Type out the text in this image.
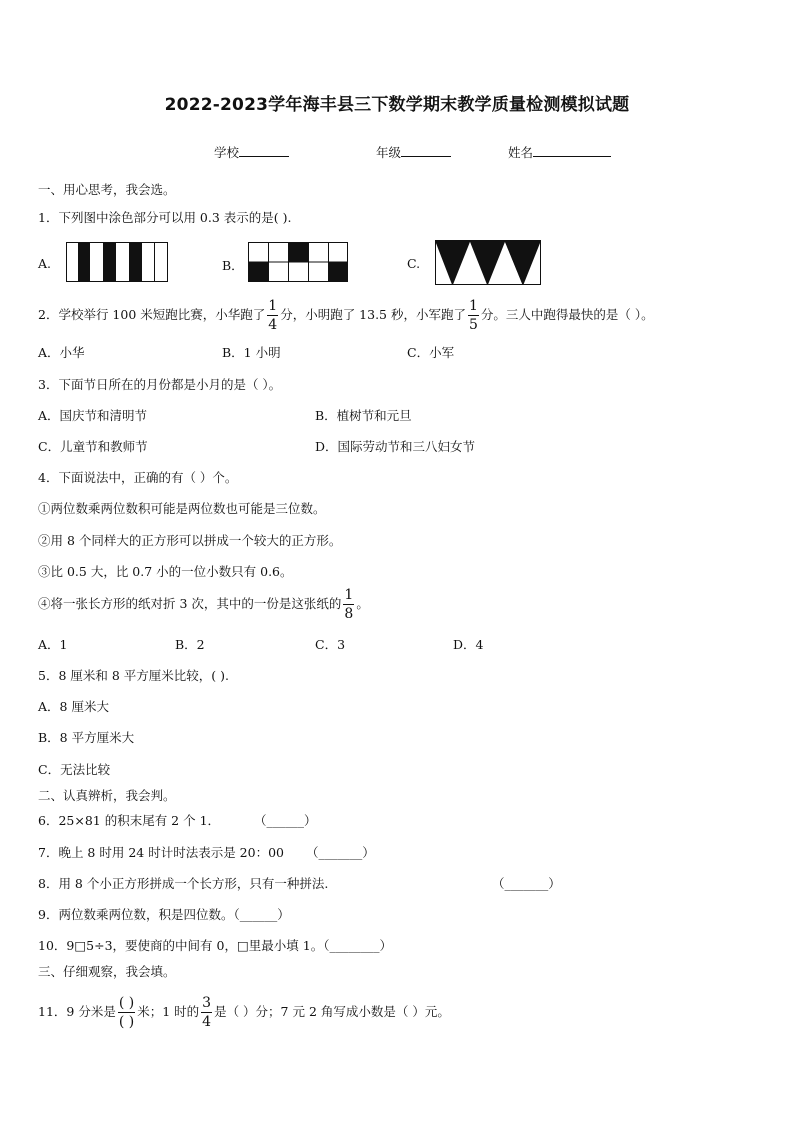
2022-2023学年海丰县三下数学期末教学质量检测模拟试题
学校	年级	姓名
一、用心思考，我会选。
1．下列图中涂色部分可以用 0.3 表示的是( ).
A.	B．	C.
2．学校举行 100 米短跑比赛，小华跑了 $\frac{1}{4}$ 分，小明跑了 13.5 秒，小军跑了 $\frac{1}{5}$ 分。三人中跑得最快的是（ ）。
A．小华	B．1 小明	C．小军
3．下面节日所在的月份都是小月的是（ ）。
A．国庆节和清明节	B．植树节和元旦
C．儿童节和教师节	D．国际劳动节和三八妇女节
4．下面说法中，正确的有（ ）个。
①两位数乘两位数积可能是两位数也可能是三位数。
②用 8 个同样大的正方形可以拼成一个较大的正方形。
③比 0.5 大，比 0.7 小的一位小数只有 0.6。
④将一张长方形的纸对折 3 次，其中的一份是这张纸的 $\frac{1}{8}$ 。
A．1	B．2	C．3	D．4
5．8 厘米和 8 平方厘米比较，( ).
A．8 厘米大
B．8 平方厘米大
C．无法比较
二、认真辨析，我会判。
6．25×81 的积末尾有 2 个 1．	（______）
7．晚上 8 时用 24 时计时法表示是 20：00 （_______）
8．用 8 个小正方形拼成一个长方形，只有一种拼法.	（_______）
9．两位数乘两位数，积是四位数。（______）
10．9□5÷3，要使商的中间有 0，□里最小填 1。（________）
三、仔细观察，我会填。
11．9 分米是 $\frac{( )}{( )}$ 米；1 时的 $\frac{3}{4}$ 是（ ）分；7 元 2 角写成小数是（ ）元。
